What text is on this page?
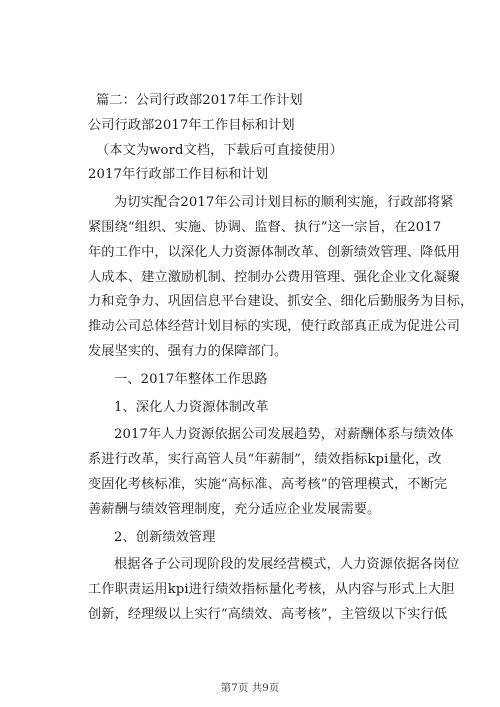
篇二：公司行政部2017年工作计划
公司行政部2017年工作目标和计划
（本文为word文档，下载后可直接使用）
2017年行政部工作目标和计划
为切实配合2017年公司计划目标的顺利实施，行政部将紧
紧围绕“组织、实施、协调、监督、执行”这一宗旨，在2017
年的工作中，以深化人力资源体制改革、创新绩效管理、降低用
人成本、建立激励机制、控制办公费用管理、强化企业文化凝聚
力和竞争力、巩固信息平台建设、抓安全、细化后勤服务为目标，
推动公司总体经营计划目标的实现，使行政部真正成为促进公司
发展坚实的、强有力的保障部门。
一、2017年整体工作思路
1、深化人力资源体制改革
2017年人力资源依据公司发展趋势，对薪酬体系与绩效体
系进行改革，实行高管人员“年薪制”，绩效指标kpi量化，改
变固化考核标准，实施“高标准、高考核”的管理模式，不断完
善薪酬与绩效管理制度，充分适应企业发展需要。
2、创新绩效管理
根据各子公司现阶段的发展经营模式，人力资源依据各岗位
工作职责运用kpi进行绩效指标量化考核，从内容与形式上大胆
创新，经理级以上实行“高绩效、高考核”，主管级以下实行低
第7页 共9页
